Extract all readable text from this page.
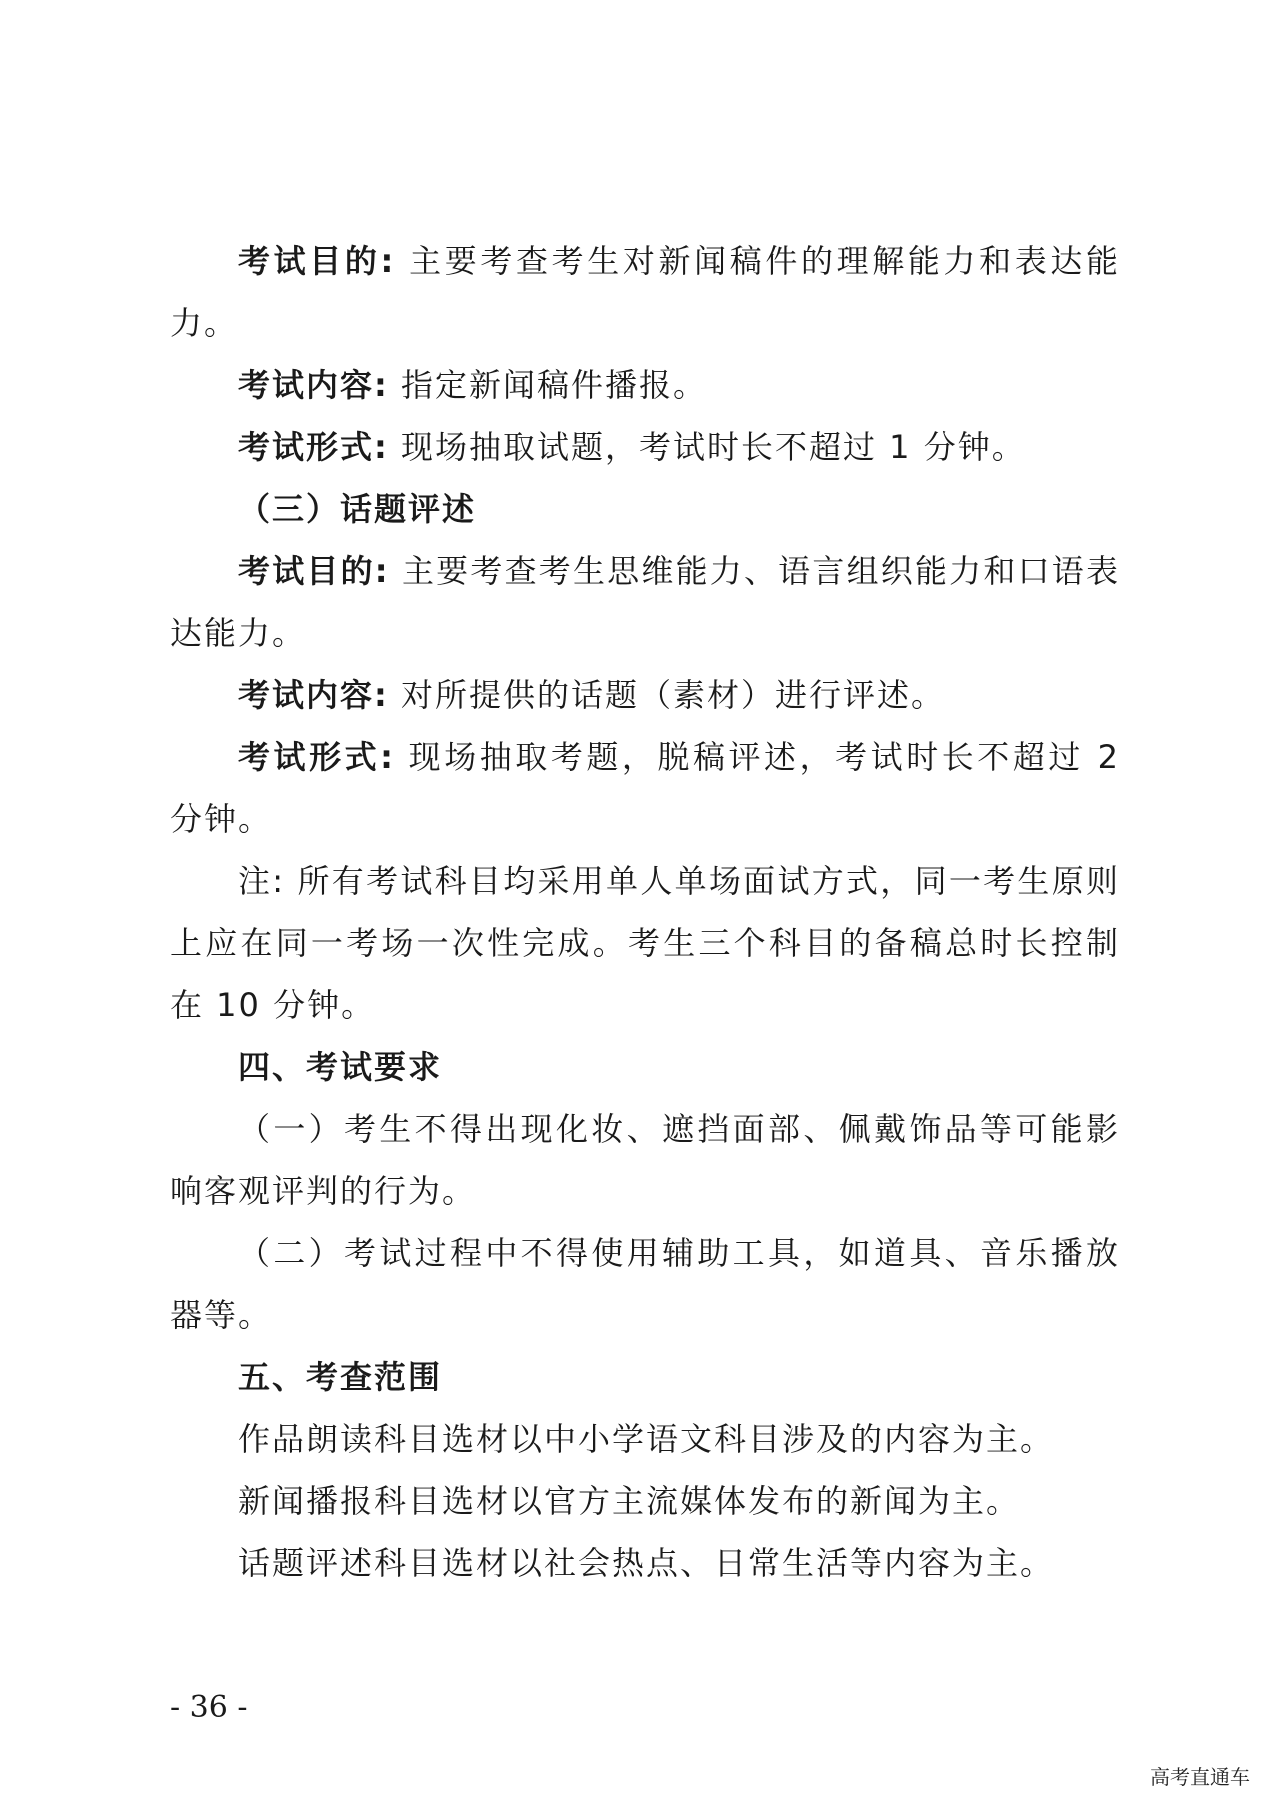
考试目的: 主要考查考生对新闻稿件的理解能力和表达能力。

考试内容: 指定新闻稿件播报。

考试形式: 现场抽取试题，考试时长不超过 1 分钟。

（三）话题评述

考试目的: 主要考查考生思维能力、语言组织能力和口语表达能力。

考试内容: 对所提供的话题（素材）进行评述。

考试形式: 现场抽取考题，脱稿评述，考试时长不超过 2 分钟。

注: 所有考试科目均采用单人单场面试方式，同一考生原则上应在同一考场一次性完成。考生三个科目的备稿总时长控制在 10 分钟。

四、考试要求

（一）考生不得出现化妆、遮挡面部、佩戴饰品等可能影响客观评判的行为。

（二）考试过程中不得使用辅助工具，如道具、音乐播放器等。

五、考查范围

作品朗读科目选材以中小学语文科目涉及的内容为主。

新闻播报科目选材以官方主流媒体发布的新闻为主。

话题评述科目选材以社会热点、日常生活等内容为主。

- 36 -
高考直通车
